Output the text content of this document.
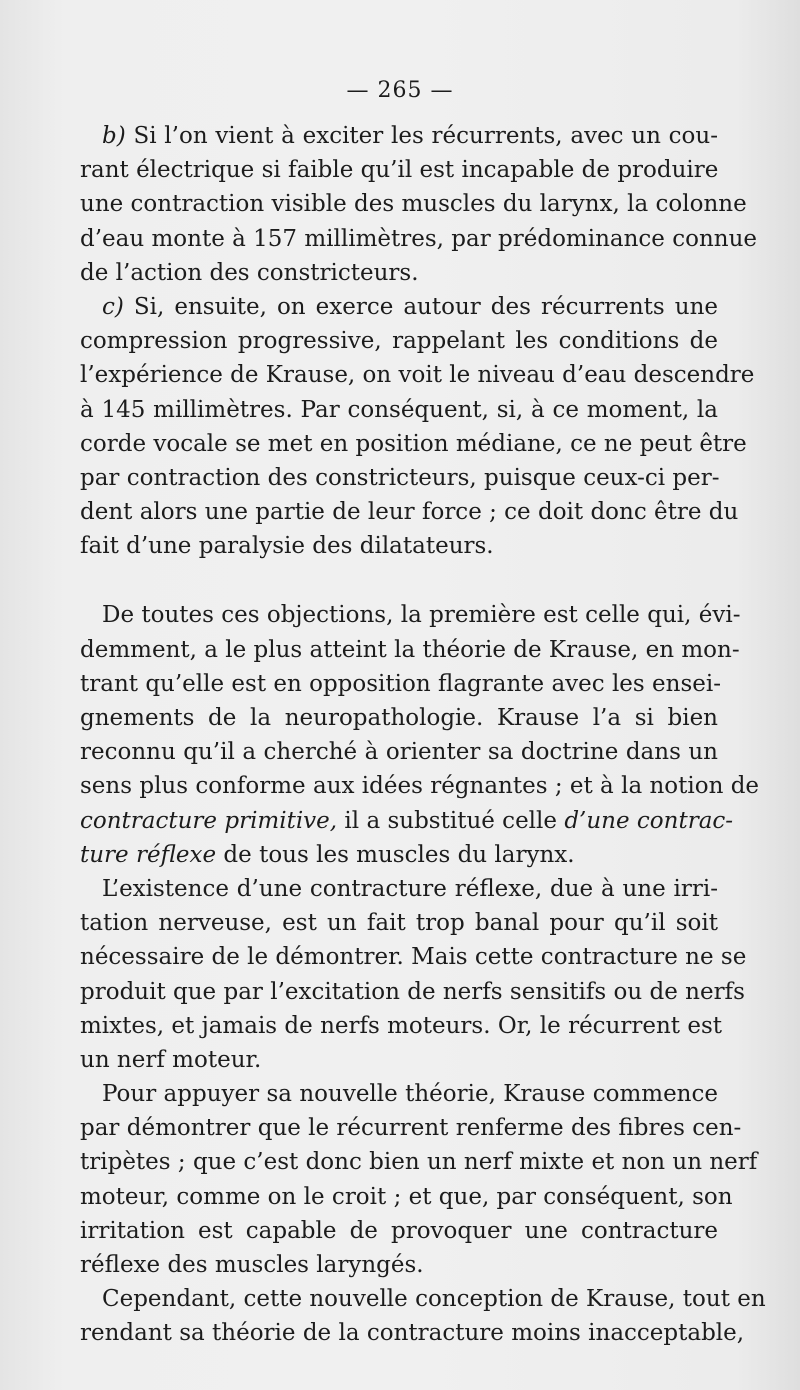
— 265 —
b) Si l’on vient à exciter les récurrents, avec un cou-
rant électrique si faible qu’il est incapable de produire
une contraction visible des muscles du larynx, la colonne
d’eau monte à 157 millimètres, par prédominance connue
de l’action des constricteurs.
c) Si, ensuite, on exerce autour des récurrents une
compression progressive, rappelant les conditions de
l’expérience de Krause, on voit le niveau d’eau descendre
à 145 millimètres. Par conséquent, si, à ce moment, la
corde vocale se met en position médiane, ce ne peut être
par contraction des constricteurs, puisque ceux-ci per-
dent alors une partie de leur force ; ce doit donc être du
fait d’une paralysie des dilatateurs.
De toutes ces objections, la première est celle qui, évi-
demment, a le plus atteint la théorie de Krause, en mon-
trant qu’elle est en opposition flagrante avec les ensei-
gnements de la neuropathologie. Krause l’a si bien
reconnu qu’il a cherché à orienter sa doctrine dans un
sens plus conforme aux idées régnantes ; et à la notion de
contracture primitive, il a substitué celle d’une contrac-
ture réflexe de tous les muscles du larynx.
L’existence d’une contracture réflexe, due à une irri-
tation nerveuse, est un fait trop banal pour qu’il soit
nécessaire de le démontrer. Mais cette contracture ne se
produit que par l’excitation de nerfs sensitifs ou de nerfs
mixtes, et jamais de nerfs moteurs. Or, le récurrent est
un nerf moteur.
Pour appuyer sa nouvelle théorie, Krause commence
par démontrer que le récurrent renferme des fibres cen-
tripètes ; que c’est donc bien un nerf mixte et non un nerf
moteur, comme on le croit ; et que, par conséquent, son
irritation est capable de provoquer une contracture
réflexe des muscles laryngés.
Cependant, cette nouvelle conception de Krause, tout en
rendant sa théorie de la contracture moins inacceptable,
